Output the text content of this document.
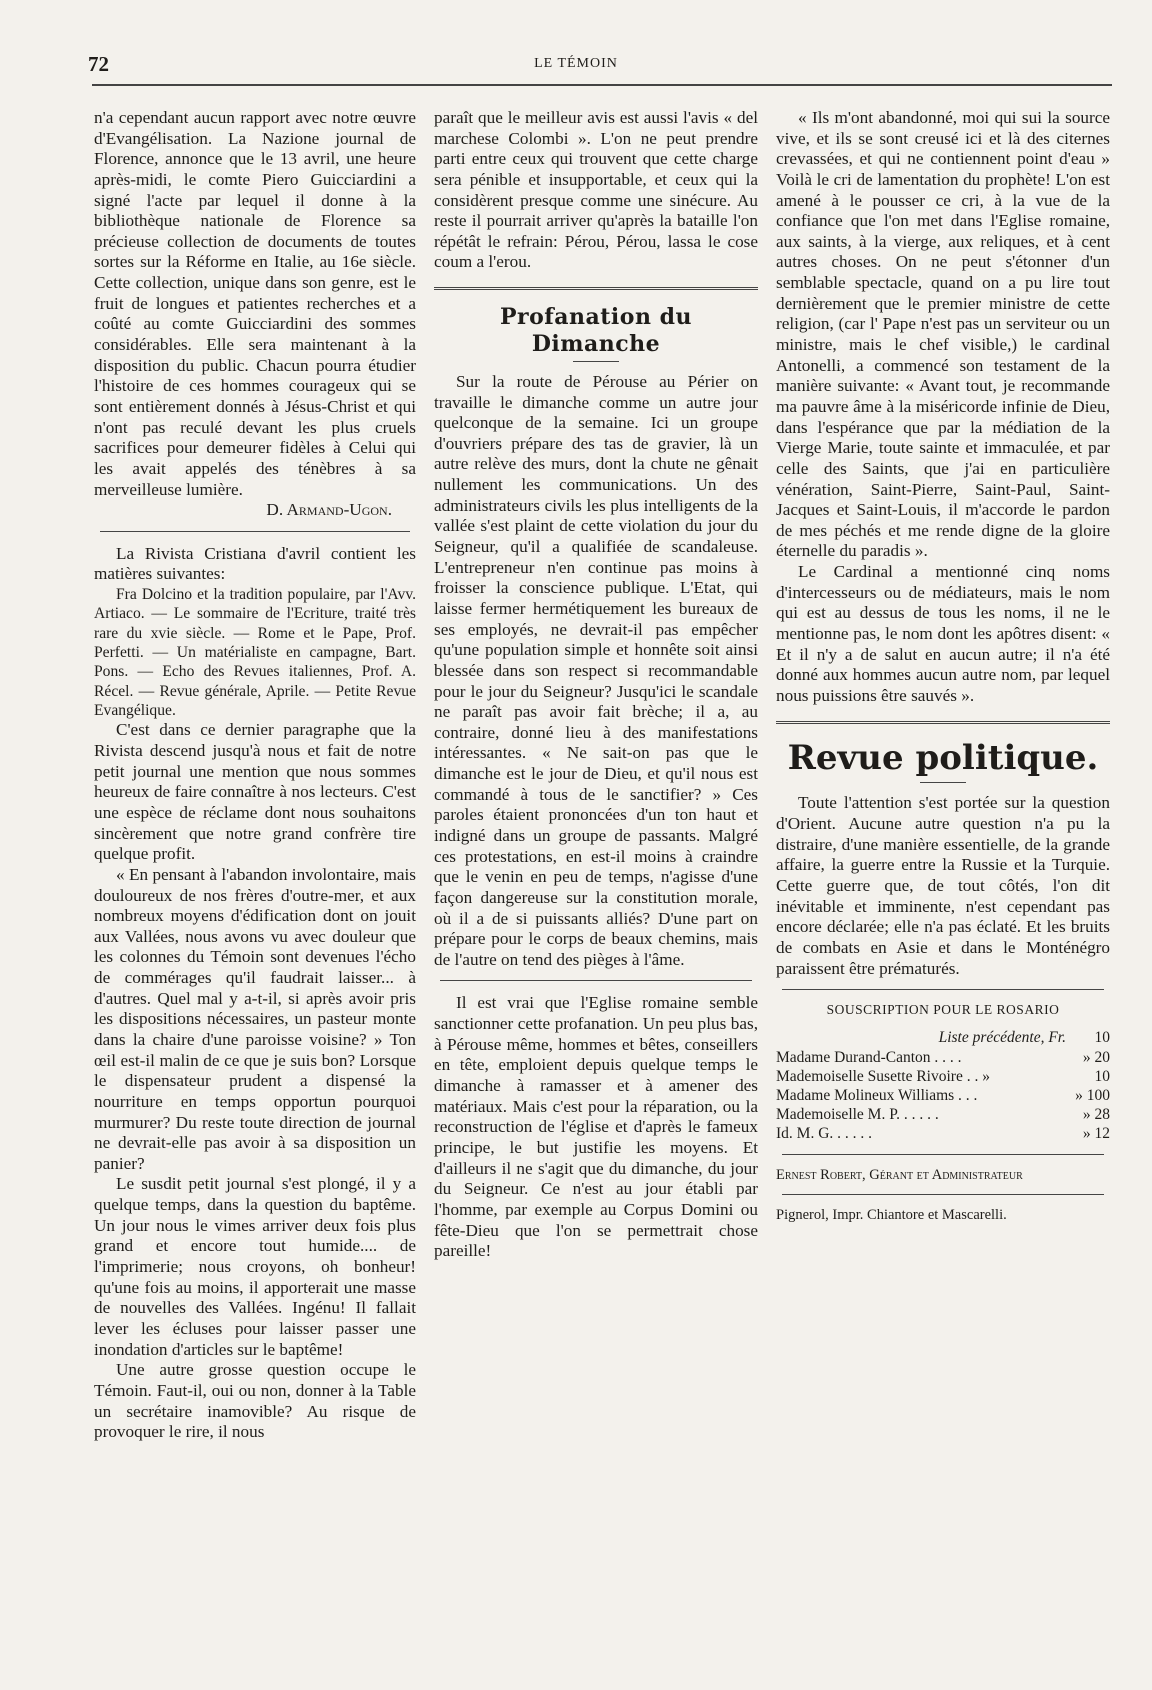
72	LE TÉMOIN

n'a cependant aucun rapport avec notre œuvre d'Evangélisation. La Nazione journal de Florence, annonce que le 13 avril, une heure après-midi, le comte Piero Guicciardini a signé l'acte par lequel il donne à la bibliothèque nationale de Florence sa précieuse collection de documents de toutes sortes sur la Réforme en Italie, au 16e siècle. Cette collection, unique dans son genre, est le fruit de longues et patientes recherches et a coûté au comte Guicciardini des sommes considérables. Elle sera maintenant à la disposition du public. Chacun pourra étudier l'histoire de ces hommes courageux qui se sont entièrement donnés à Jésus-Christ et qui n'ont pas reculé devant les plus cruels sacrifices pour demeurer fidèles à Celui qui les avait appelés des ténèbres à sa merveilleuse lumière.

D. Armand-Ugon.

La Rivista Cristiana d'avril contient les matières suivantes:

Fra Dolcino et la tradition populaire, par l'Avv. Artiaco. — Le sommaire de l'Ecriture, traité très rare du xvie siècle. — Rome et le Pape, Prof. Perfetti. — Un matérialiste en campagne, Bart. Pons. — Echo des Revues italiennes, Prof. A. Récel. — Revue générale, Aprile. — Petite Revue Evangélique.

C'est dans ce dernier paragraphe que la Rivista descend jusqu'à nous et fait de notre petit journal une mention que nous sommes heureux de faire connaître à nos lecteurs. C'est une espèce de réclame dont nous souhaitons sincèrement que notre grand confrère tire quelque profit.

« En pensant à l'abandon involontaire, mais douloureux de nos frères d'outre-mer, et aux nombreux moyens d'édification dont on jouit aux Vallées, nous avons vu avec douleur que les colonnes du Témoin sont devenues l'écho de commérages qu'il faudrait laisser... à d'autres. Quel mal y a-t-il, si après avoir pris les dispositions nécessaires, un pasteur monte dans la chaire d'une paroisse voisine? » Ton œil est-il malin de ce que je suis bon? Lorsque le dispensateur prudent a dispensé la nourriture en temps opportun pourquoi murmurer? Du reste toute direction de journal ne devrait-elle pas avoir à sa disposition un panier?

Le susdit petit journal s'est plongé, il y a quelque temps, dans la question du baptême. Un jour nous le vimes arriver deux fois plus grand et encore tout humide.... de l'imprimerie; nous croyons, oh bonheur! qu'une fois au moins, il apporterait une masse de nouvelles des Vallées. Ingénu! Il fallait lever les écluses pour laisser passer une inondation d'articles sur le baptême!

Une autre grosse question occupe le Témoin. Faut-il, oui ou non, donner à la Table un secrétaire inamovible? Au risque de provoquer le rire, il nous

paraît que le meilleur avis est aussi l'avis « del marchese Colombi ». L'on ne peut prendre parti entre ceux qui trouvent que cette charge sera pénible et insupportable, et ceux qui la considèrent presque comme une sinécure. Au reste il pourrait arriver qu'après la bataille l'on répétât le refrain: Pérou, Pérou, lassa le cose coum a l'erou.

Profanation du Dimanche

Sur la route de Pérouse au Périer on travaille le dimanche comme un autre jour quelconque de la semaine. Ici un groupe d'ouvriers prépare des tas de gravier, là un autre relève des murs, dont la chute ne gênait nullement les communications. Un des administrateurs civils les plus intelligents de la vallée s'est plaint de cette violation du jour du Seigneur, qu'il a qualifiée de scandaleuse. L'entrepreneur n'en continue pas moins à froisser la conscience publique. L'Etat, qui laisse fermer hermétiquement les bureaux de ses employés, ne devrait-il pas empêcher qu'une population simple et honnête soit ainsi blessée dans son respect si recommandable pour le jour du Seigneur? Jusqu'ici le scandale ne paraît pas avoir fait brèche; il a, au contraire, donné lieu à des manifestations intéressantes. « Ne sait-on pas que le dimanche est le jour de Dieu, et qu'il nous est commandé à tous de le sanctifier? » Ces paroles étaient prononcées d'un ton haut et indigné dans un groupe de passants. Malgré ces protestations, en est-il moins à craindre que le venin en peu de temps, n'agisse d'une façon dangereuse sur la constitution morale, où il a de si puissants alliés? D'une part on prépare pour le corps de beaux chemins, mais de l'autre on tend des pièges à l'âme.

Il est vrai que l'Eglise romaine semble sanctionner cette profanation. Un peu plus bas, à Pérouse même, hommes et bêtes, conseillers en tête, emploient depuis quelque temps le dimanche à ramasser et à amener des matériaux. Mais c'est pour la réparation, ou la reconstruction de l'église et d'après le fameux principe, le but justifie les moyens. Et d'ailleurs il ne s'agit que du dimanche, du jour du Seigneur. Ce n'est au jour établi par l'homme, par exemple au Corpus Domini ou fête-Dieu que l'on se permettrait chose pareille!

« Ils m'ont abandonné, moi qui sui la source vive, et ils se sont creusé ici et là des citernes crevassées, et qui ne contiennent point d'eau » Voilà le cri de lamentation du prophète! L'on est amené à le pousser ce cri, à la vue de la confiance que l'on met dans l'Eglise romaine, aux saints, à la vierge, aux reliques, et à cent autres choses. On ne peut s'étonner d'un semblable spectacle, quand on a pu lire tout dernièrement que le premier ministre de cette religion, (car l' Pape n'est pas un serviteur ou un ministre, mais le chef visible,) le cardinal Antonelli, a commencé son testament de la manière suivante: « Avant tout, je recommande ma pauvre âme à la miséricorde infinie de Dieu, dans l'espérance que par la médiation de la Vierge Marie, toute sainte et immaculée, et par celle des Saints, que j'ai en particulière vénération, Saint-Pierre, Saint-Paul, Saint-Jacques et Saint-Louis, il m'accorde le pardon de mes péchés et me rende digne de la gloire éternelle du paradis ».

Le Cardinal a mentionné cinq noms d'intercesseurs ou de médiateurs, mais le nom qui est au dessus de tous les noms, il ne le mentionne pas, le nom dont les apôtres disent: « Et il n'y a de salut en aucun autre; il n'a été donné aux hommes aucun autre nom, par lequel nous puissions être sauvés ».

Revue politique.

Toute l'attention s'est portée sur la question d'Orient. Aucune autre question n'a pu la distraire, d'une manière essentielle, de la grande affaire, la guerre entre la Russie et la Turquie. Cette guerre que, de tout côtés, l'on dit inévitable et imminente, n'est cependant pas encore déclarée; elle n'a pas éclaté. Et les bruits de combats en Asie et dans le Monténégro paraissent être prématurés.

SOUSCRIPTION POUR LE ROSARIO
Liste précédente, Fr.	10
Madame Durand-Canton . . . .	» 20
Mademoiselle Susette Rivoire . . »	10
Madame Molineux Williams . . .	» 100
Mademoiselle M. P. . . . . .	» 28
Id. M. G. . . . . .	» 12

Ernest Robert, Gérant et Administrateur

Pignerol, Impr. Chiantore et Mascarelli.
